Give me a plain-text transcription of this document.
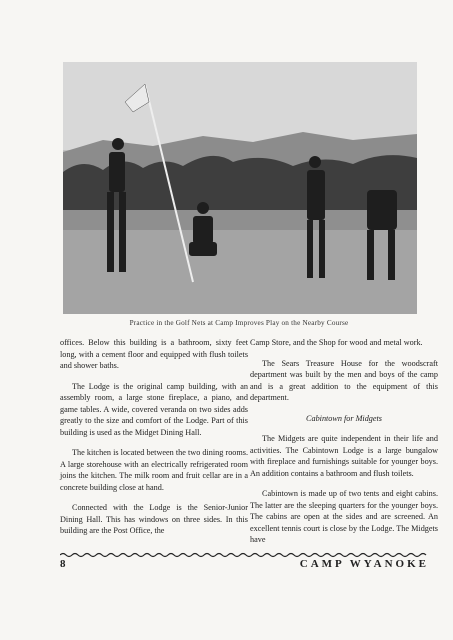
Practice in the Golf Nets at Camp Improves Play on the Nearby Course

offices. Below this building is a bathroom, sixty feet long, with a cement floor and equipped with flush toilets and shower baths.

The Lodge is the original camp building, with an assembly room, a large stone fireplace, a piano, and game tables. A wide, covered veranda on two sides adds greatly to the size and comfort of the Lodge. Part of this building is used as the Midget Dining Hall.

The kitchen is located between the two dining rooms. A large storehouse with an electrically refrigerated room joins the kitchen. The milk room and fruit cellar are in a concrete building close at hand.

Connected with the Lodge is the Senior-Junior Dining Hall. This has windows on three sides. In this building are the Post Office, the

Camp Store, and the Shop for wood and metal work.

The Sears Treasure House for the woodscraft department was built by the men and boys of the camp and is a great addition to the equipment of this department.

Cabintown for Midgets

The Midgets are quite independent in their life and activities. The Cabintown Lodge is a large bungalow with fireplace and furnishings suitable for younger boys. An addition contains a bathroom and flush toilets.

Cabintown is made up of two tents and eight cabins. The latter are the sleeping quarters for the younger boys. The cabins are open at the sides and are screened. An excellent tennis court is close by the Lodge. The Midgets have

8	CAMP WYANOKE
